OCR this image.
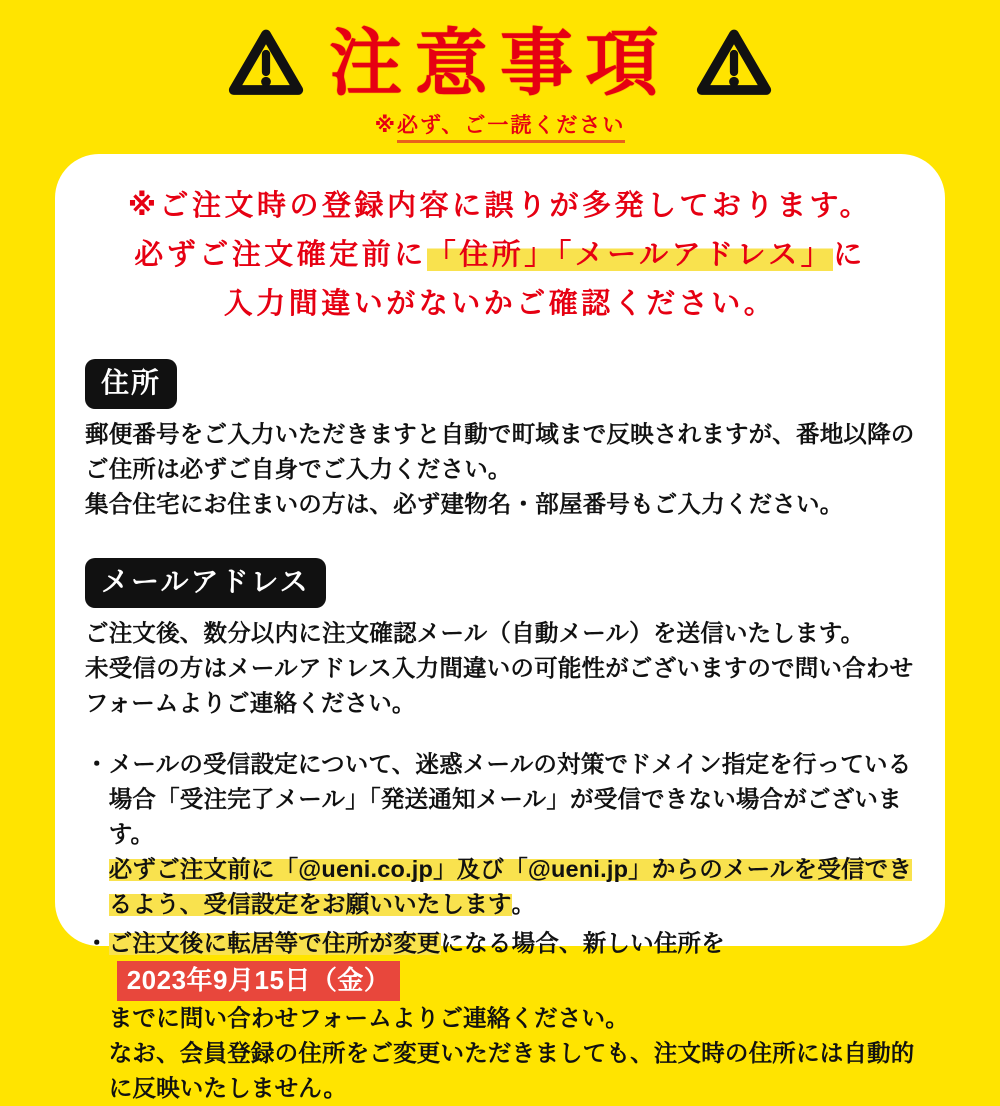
注意事項
※必ず、ご一読ください
※ご注文時の登録内容に誤りが多発しております。
必ずご注文確定前に「住所」「メールアドレス」に
入力間違いがないかご確認ください。
住所

郵便番号をご入力いただきますと自動で町域まで反映されますが、番地以降のご住所は必ずご自身でご入力ください。

集合住宅にお住まいの方は、必ず建物名・部屋番号もご入力ください。

メールアドレス

ご注文後、数分以内に注文確認メール（自動メール）を送信いたします。

未受信の方はメールアドレス入力間違いの可能性がございますので問い合わせフォームよりご連絡ください。

・ メールの受信設定について、迷惑メールの対策でドメイン指定を行っている場合「受注完了メール」「発送通知メール」が受信できない場合がございます。
必ずご注文前に「@ueni.co.jp」及び「@ueni.jp」からのメールを受信できるよう、受信設定をお願いいたします。
・ ご注文後に転居等で住所が変更になる場合、新しい住所を2023年9月15日（金）
までに問い合わせフォームよりご連絡ください。
なお、会員登録の住所をご変更いただきましても、注文時の住所には自動的に反映いたしません。
